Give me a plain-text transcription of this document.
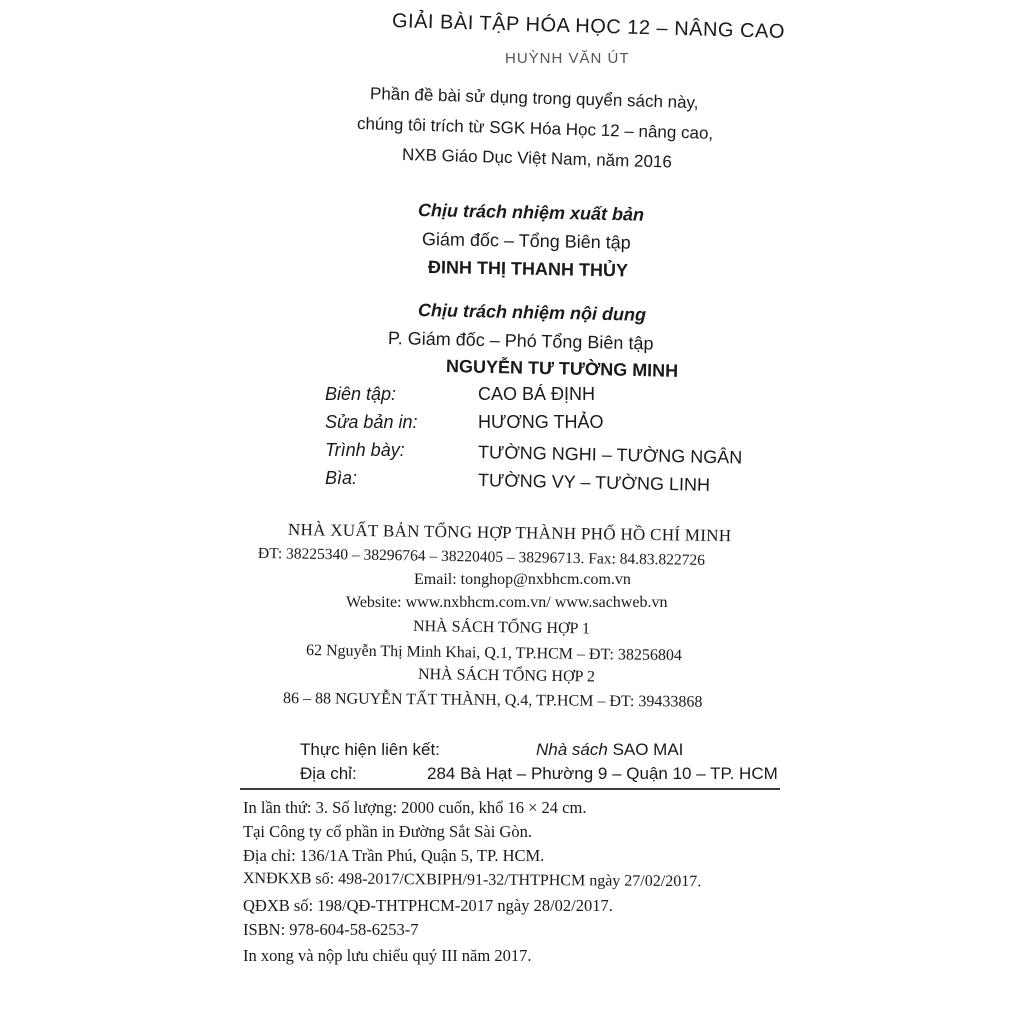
GIẢI BÀI TẬP HÓA HỌC 12 – NÂNG CAO
HUỲNH VĂN ÚT
Phần đề bài sử dụng trong quyển sách này,
chúng tôi trích từ SGK Hóa Học 12 – nâng cao,
NXB Giáo Dục Việt Nam, năm 2016
Chịu trách nhiệm xuất bản
Giám đốc – Tổng Biên tập
ĐINH THỊ THANH THỦY
Chịu trách nhiệm nội dung
P. Giám đốc – Phó Tổng Biên tập
NGUYỄN TƯ TƯỜNG MINH
Biên tập:	CAO BÁ ĐỊNH
Sửa bản in:	HƯƠNG THẢO
Trình bày:	TƯỜNG NGHI – TƯỜNG NGÂN
Bìa:	TƯỜNG VY – TƯỜNG LINH
NHÀ XUẤT BẢN TỔNG HỢP THÀNH PHỐ HỒ CHÍ MINH
ĐT: 38225340 – 38296764 – 38220405 – 38296713. Fax: 84.83.822726
Email: tonghop@nxbhcm.com.vn
Website: www.nxbhcm.com.vn/ www.sachweb.vn
NHÀ SÁCH TỔNG HỢP 1
62 Nguyễn Thị Minh Khai, Q.1, TP.HCM – ĐT: 38256804
NHÀ SÁCH TỔNG HỢP 2
86 – 88 NGUYỄN TẤT THÀNH, Q.4, TP.HCM – ĐT: 39433868
Thực hiện liên kết:	Nhà sách SAO MAI
Địa chỉ:	284 Bà Hạt – Phường 9 – Quận 10 – TP. HCM
In lần thứ: 3. Số lượng: 2000 cuốn, khổ 16 × 24 cm.
Tại Công ty cổ phần in Đường Sắt Sài Gòn.
Địa chỉ: 136/1A Trần Phú, Quận 5, TP. HCM.
XNĐKXB số: 498-2017/CXBIPH/91-32/THTPHCM ngày 27/02/2017.
QĐXB số: 198/QĐ-THTPHCM-2017 ngày 28/02/2017.
ISBN: 978-604-58-6253-7
In xong và nộp lưu chiểu quý III năm 2017.
